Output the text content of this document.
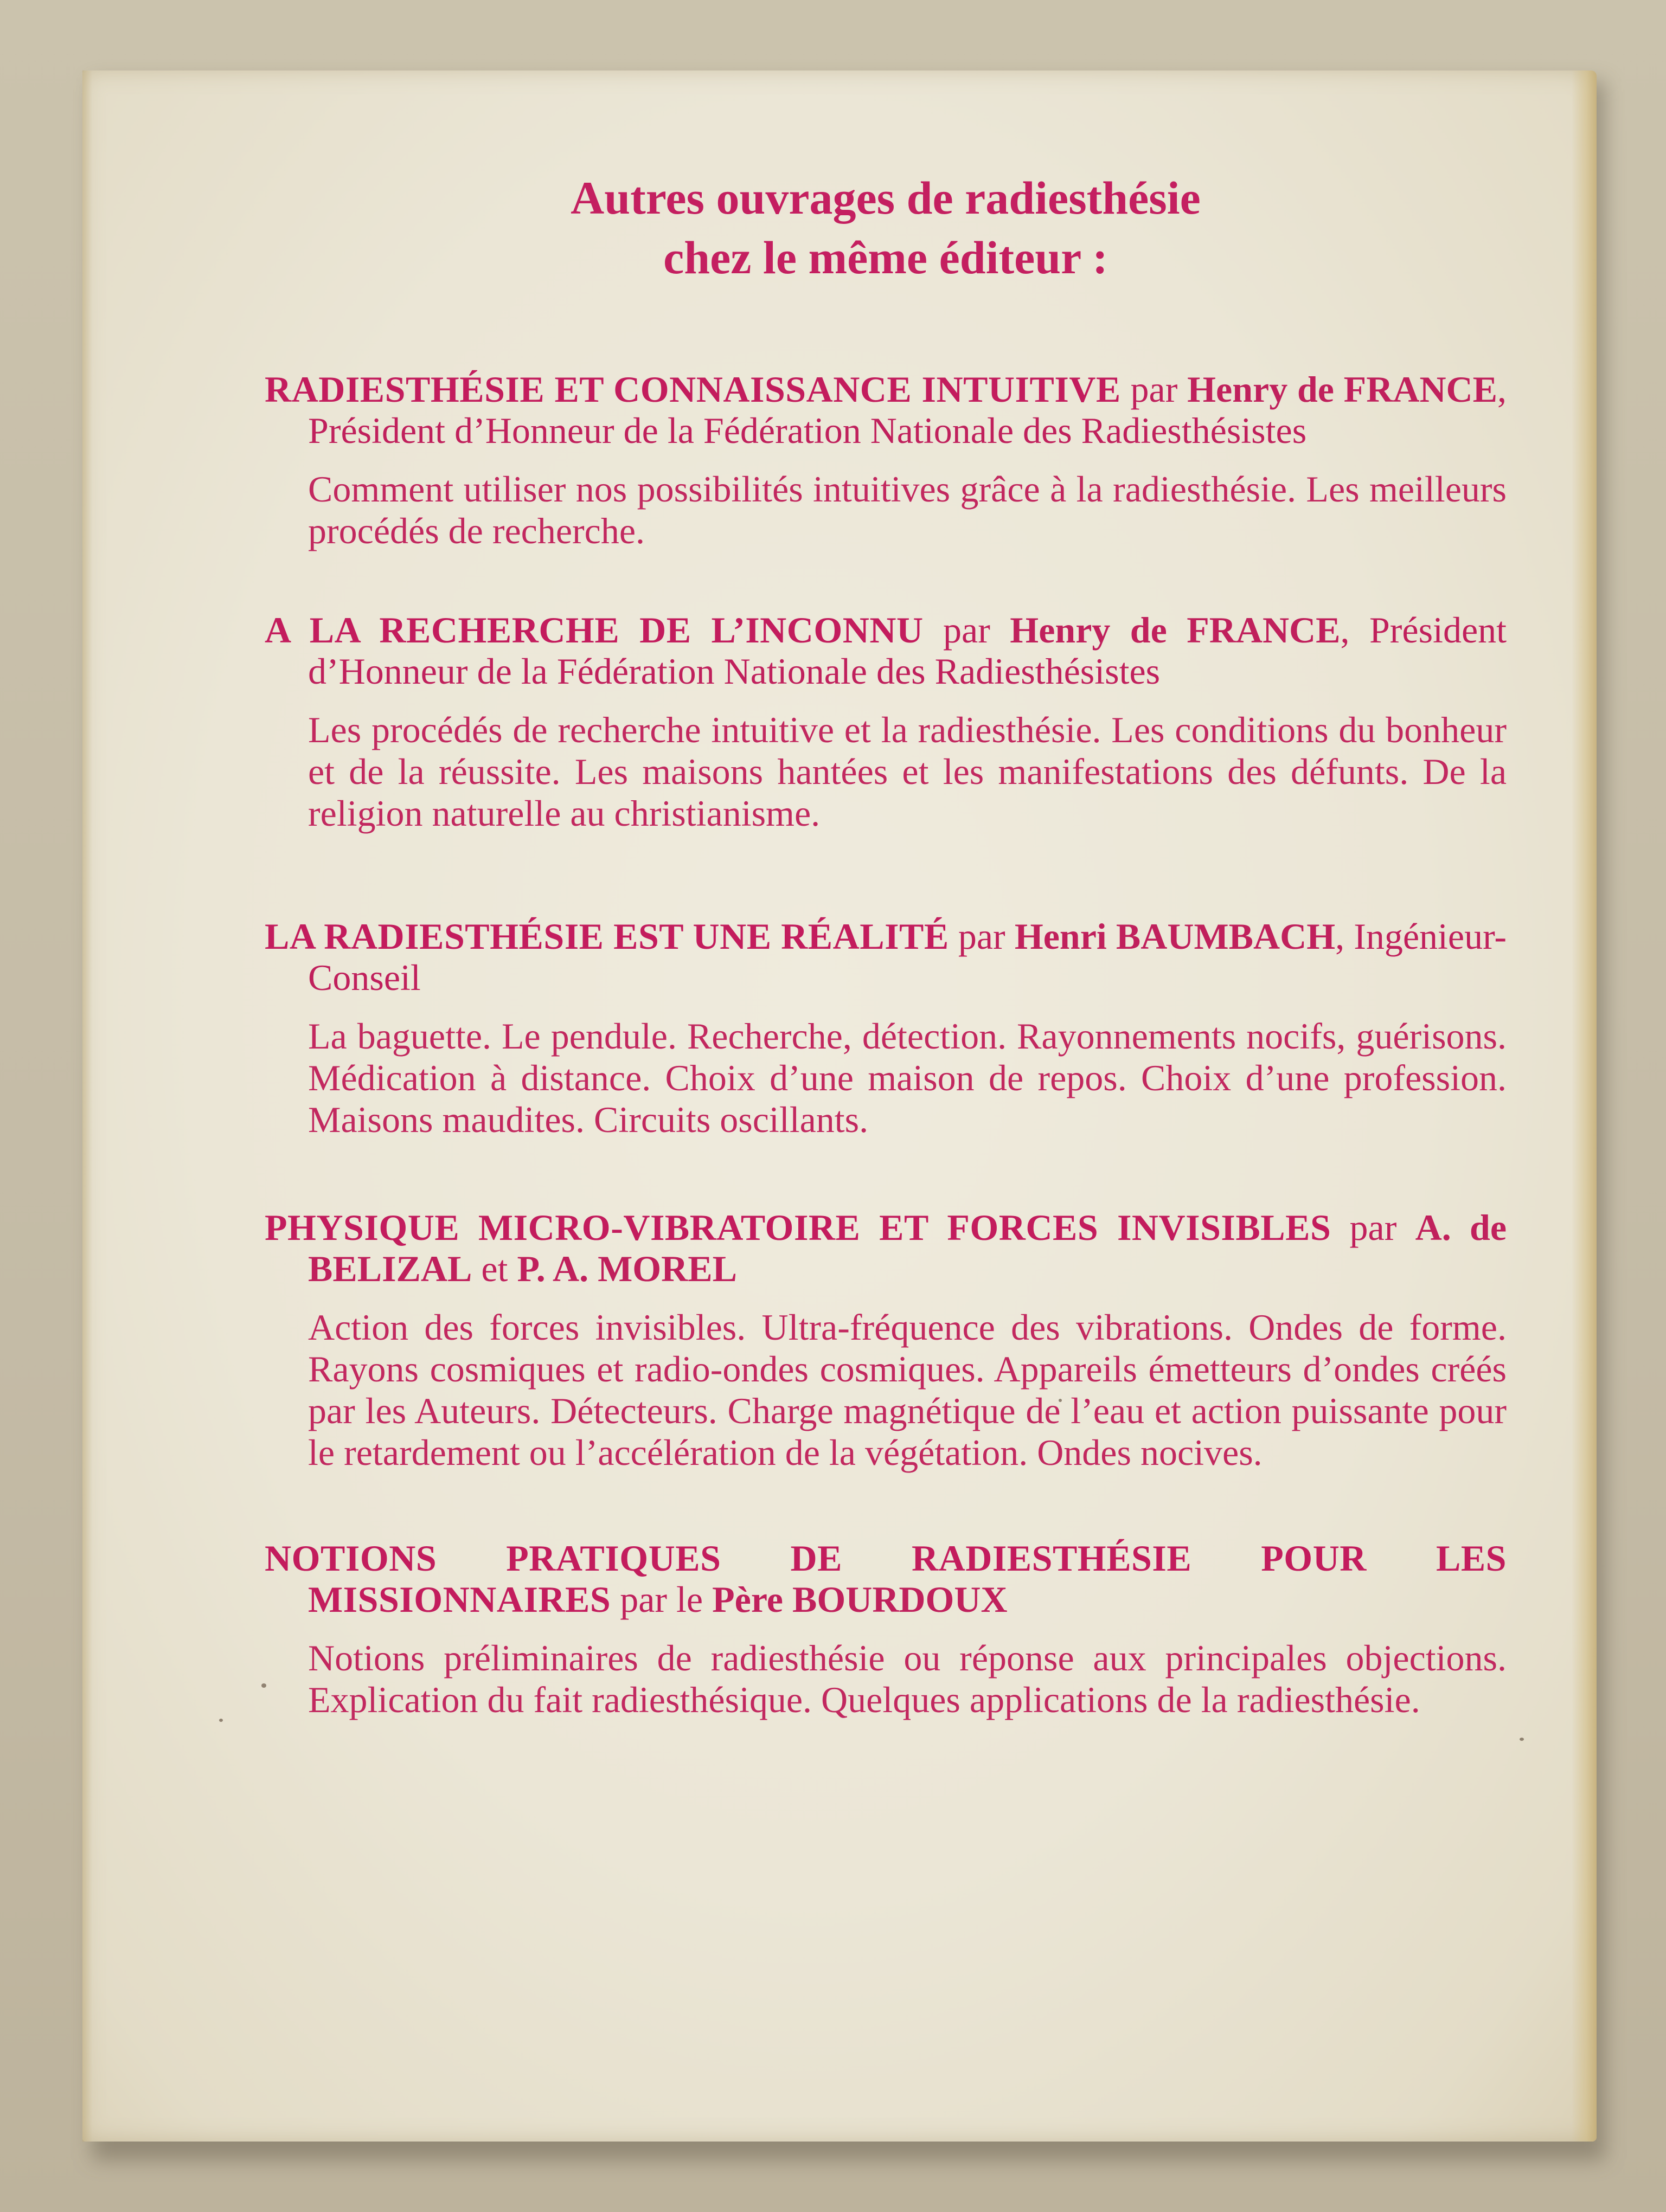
Autres ouvrages de radiesthésie
chez le même éditeur :
RADIESTHÉSIE ET CONNAISSANCE INTUITIVE par Henry de FRANCE, Président d’Honneur de la Fédération Nationale des Radiesthésistes
Comment utiliser nos possibilités intuitives grâce à la radiesthésie. Les meilleurs procédés de recherche.
A LA RECHERCHE DE L’INCONNU par Henry de FRANCE, Président d’Honneur de la Fédération Nationale des Radiesthésistes
Les procédés de recherche intuitive et la radiesthésie. Les conditions du bonheur et de la réussite. Les maisons hantées et les manifestations des défunts. De la religion naturelle au christianisme.
LA RADIESTHÉSIE EST UNE RÉALITÉ par Henri BAUMBACH, Ingénieur-Conseil
La baguette. Le pendule. Recherche, détection. Rayonnements nocifs, guérisons. Médication à distance. Choix d’une maison de repos. Choix d’une profession. Maisons maudites. Circuits oscillants.
PHYSIQUE MICRO-VIBRATOIRE ET FORCES INVISIBLES par A. de BELIZAL et P. A. MOREL
Action des forces invisibles. Ultra-fréquence des vibrations. Ondes de forme. Rayons cosmiques et radio-ondes cosmiques. Appareils émetteurs d’ondes créés par les Auteurs. Détecteurs. Charge magnétique de l’eau et action puissante pour le retardement ou l’accélération de la végétation. Ondes nocives.
NOTIONS PRATIQUES DE RADIESTHÉSIE POUR LES MISSIONNAIRES par le Père BOURDOUX
Notions préliminaires de radiesthésie ou réponse aux principales objections. Explication du fait radiesthésique. Quelques applications de la radiesthésie.
